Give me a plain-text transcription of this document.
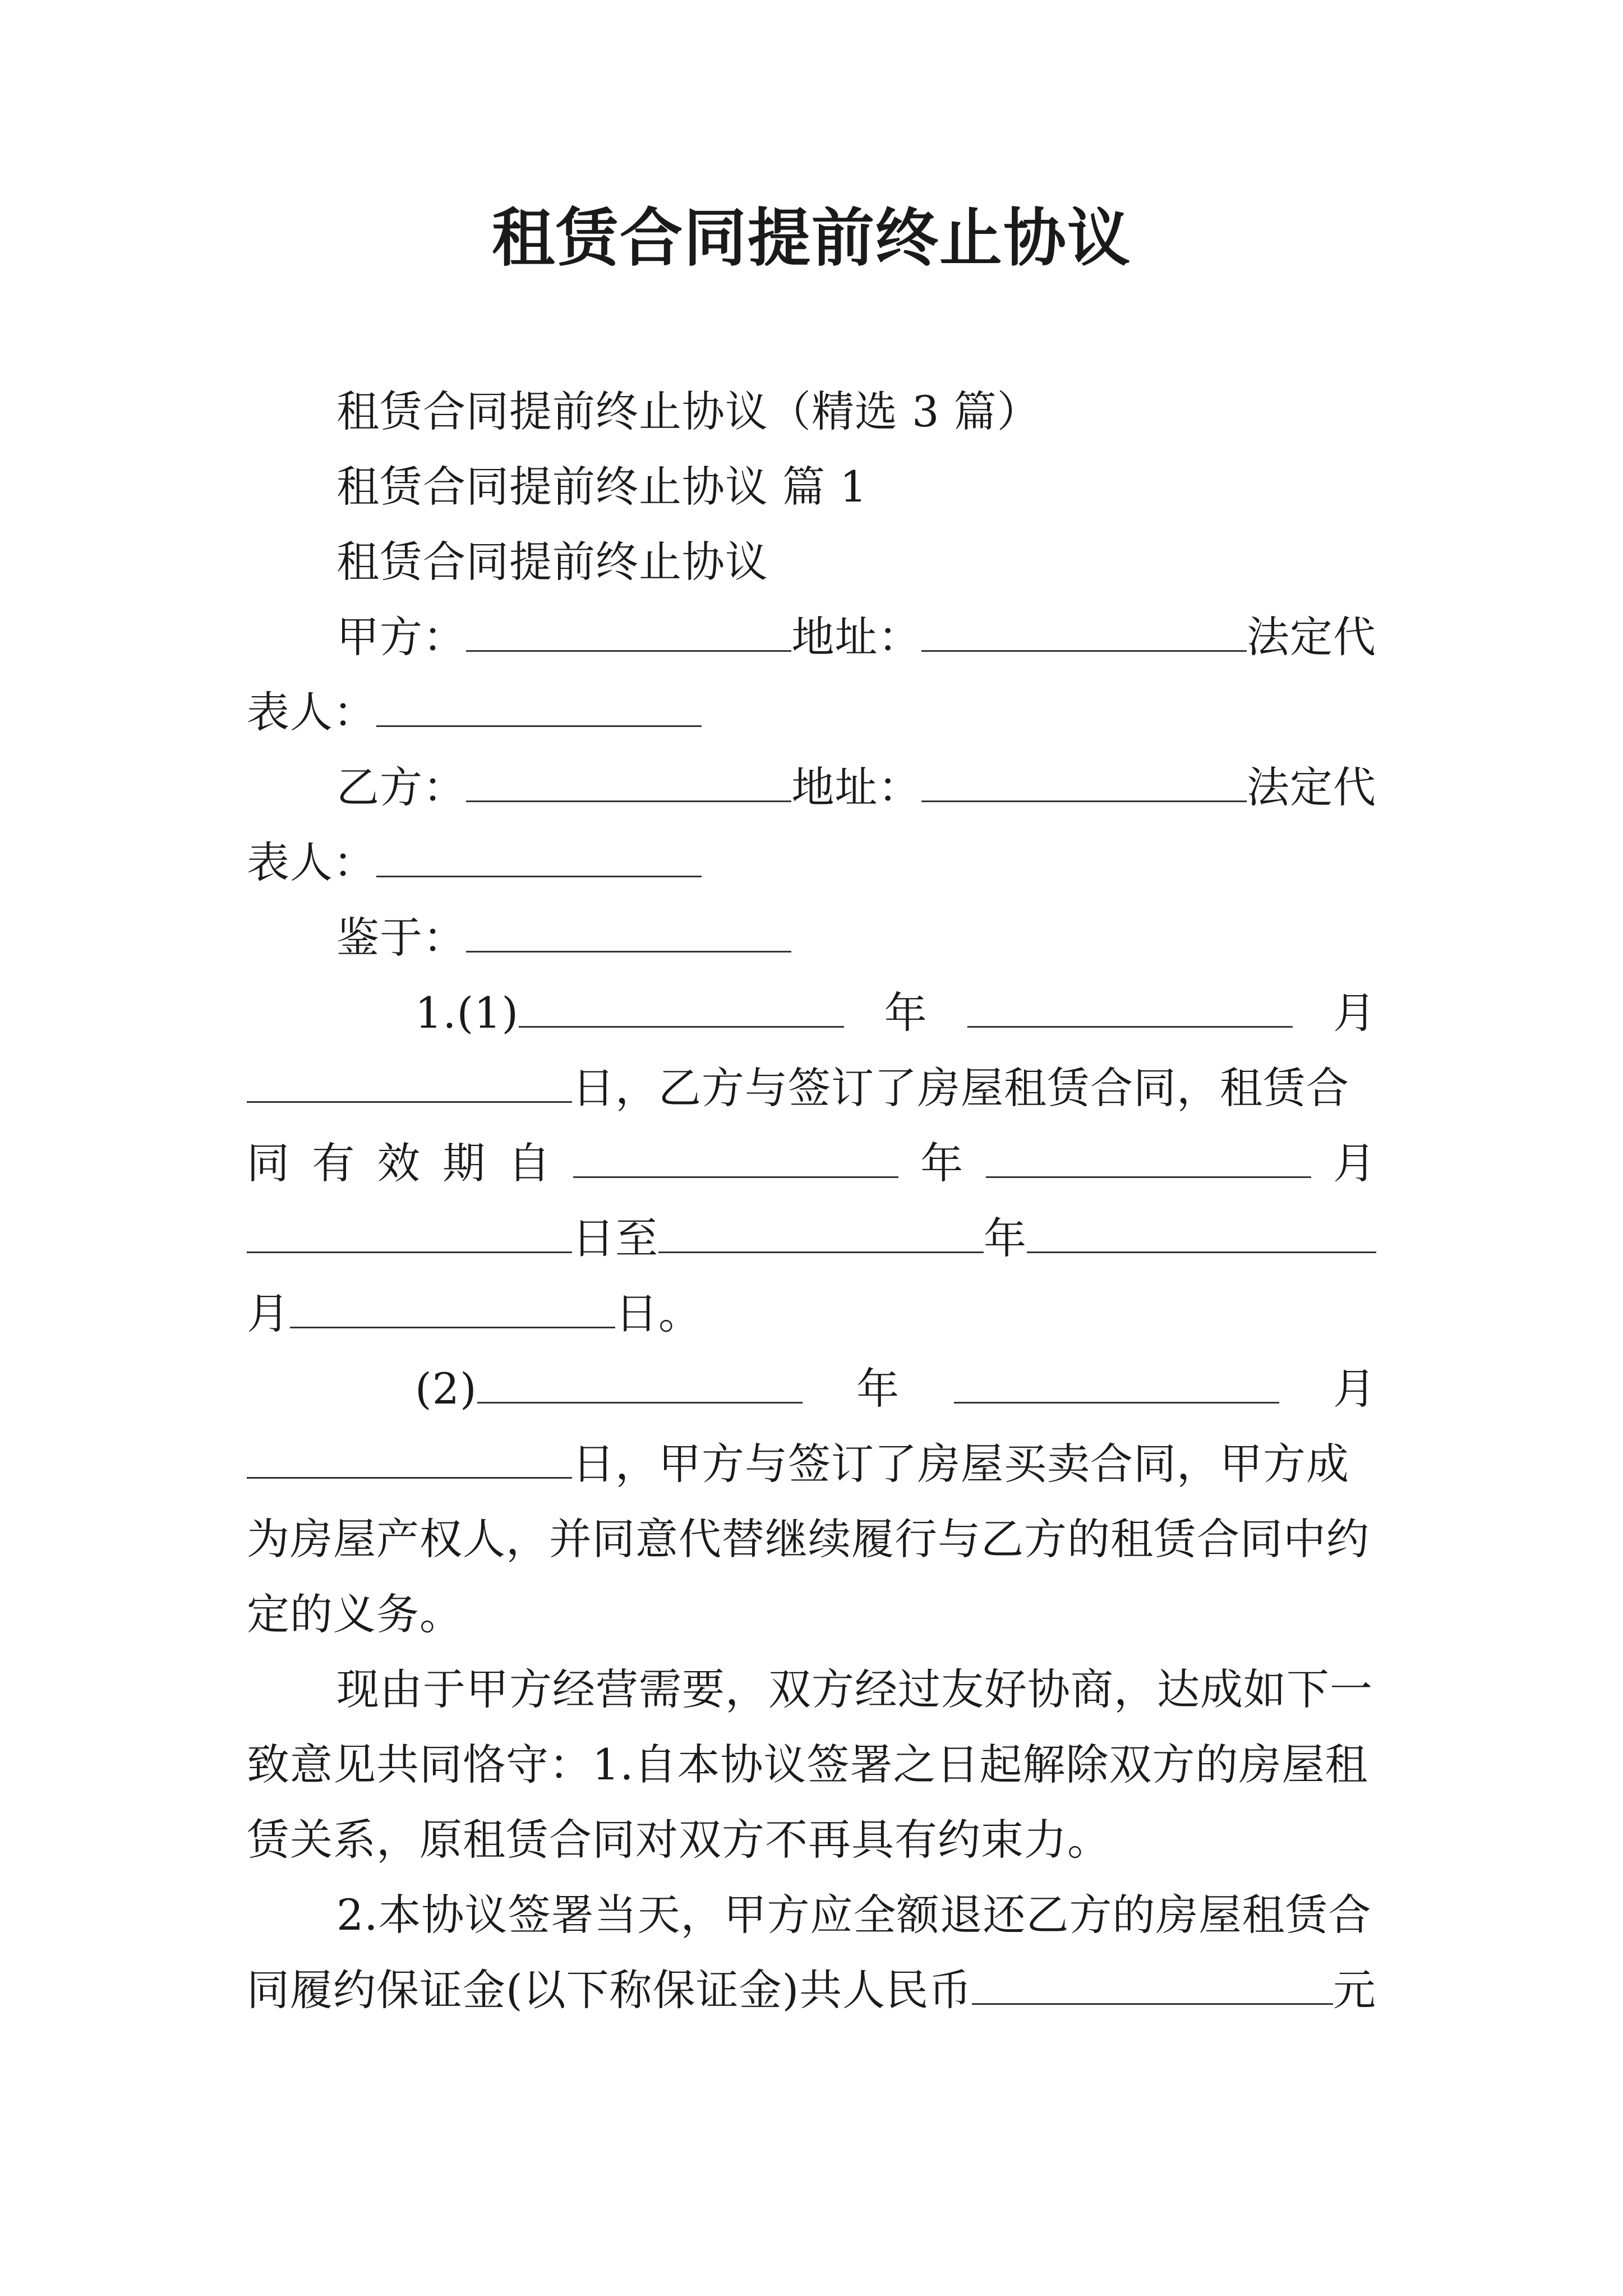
租赁合同提前终止协议
租赁合同提前终止协议（精选 3 篇）
租赁合同提前终止协议 篇 1
租赁合同提前终止协议
甲方：	地址：	法定代
表人：
乙方：	地址：	法定代
表人：
鉴于：
1.(1)	年	月
日，乙方与签订了房屋租赁合同，租赁合
同 有 效 期 自	年	月
日至	年
月	日。
(2)	年	月
日，甲方与签订了房屋买卖合同，甲方成
为房屋产权人，并同意代替继续履行与乙方的租赁合同中约
定的义务。
现由于甲方经营需要，双方经过友好协商，达成如下一
致意见共同恪守：1.自本协议签署之日起解除双方的房屋租
赁关系，原租赁合同对双方不再具有约束力。
2.本协议签署当天，甲方应全额退还乙方的房屋租赁合
同履约保证金(以下称保证金)共人民币	元
